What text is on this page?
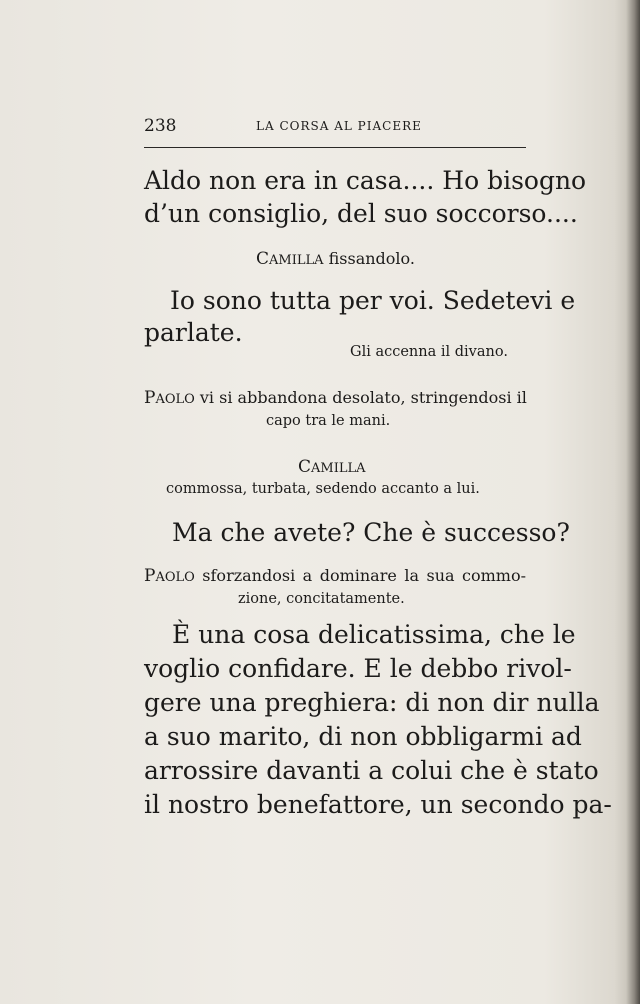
238	LA CORSA AL PIACERE
Aldo non era in casa.... Ho bisogno
d’un consiglio, del suo soccorso....
CAMILLA fissandolo.
Io sono tutta per voi. Sedetevi e
parlate.
Gli accenna il divano.
PAOLO vi si abbandona desolato, stringendosi il
capo tra le mani.
CAMILLA
commossa, turbata, sedendo accanto a lui.
Ma che avete? Che è successo?
PAOLO sforzandosi a dominare la sua commo-
zione, concitatamente.
È una cosa delicatissima, che le
voglio confidare. E le debbo rivol-
gere una preghiera: di non dir nulla
a suo marito, di non obbligarmi ad
arrossire davanti a colui che è stato
il nostro benefattore, un secondo pa-
